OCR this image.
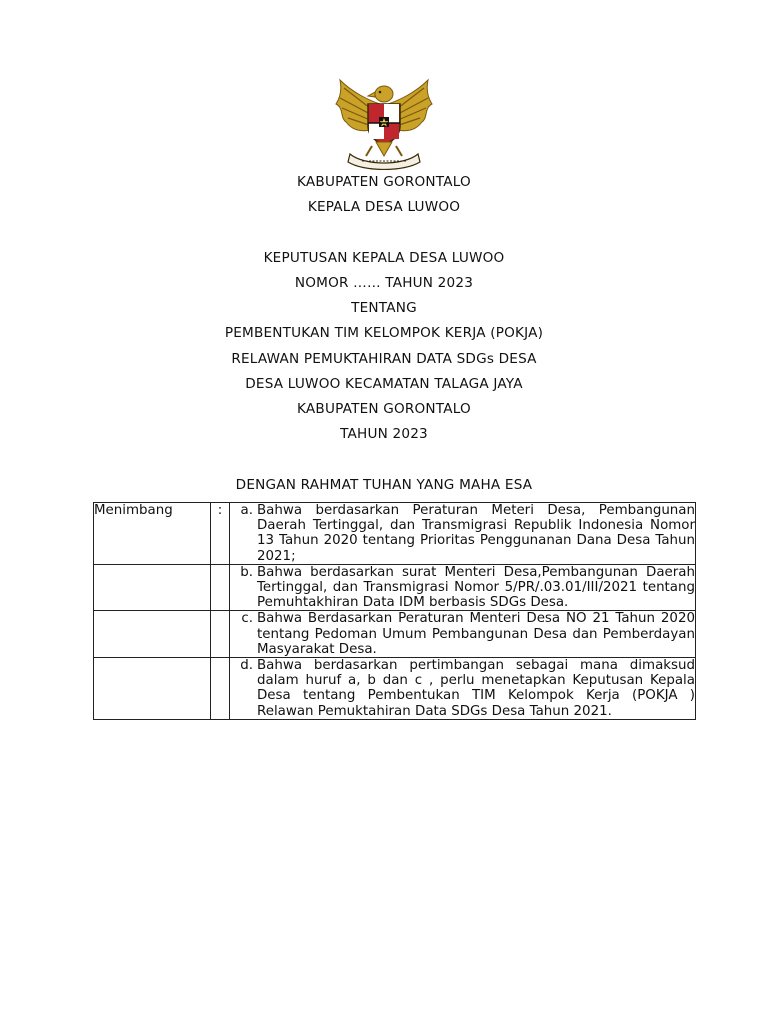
KABUPATEN GORONTALO
KEPALA DESA LUWOO
KEPUTUSAN KEPALA DESA LUWOO
NOMOR …… TAHUN 2023
TENTANG
PEMBENTUKAN TIM KELOMPOK KERJA (POKJA)
RELAWAN PEMUKTAHIRAN DATA SDGs DESA
DESA LUWOO KECAMATAN TALAGA JAYA
KABUPATEN GORONTALO
TAHUN 2023
DENGAN RAHMAT TUHAN YANG MAHA ESA
Menimbang	:	a. Bahwa berdasarkan Peraturan Meteri Desa, Pembangunan Daerah Tertinggal, dan Transmigrasi Republik Indonesia Nomor 13 Tahun 2020 tentang Prioritas Penggunanan Dana Desa Tahun 2021;

		b. Bahwa berdasarkan surat Menteri Desa,Pembangunan Daerah Tertinggal, dan Transmigrasi Nomor 5/PR/.03.01/III/2021 tentang Pemuhtakhiran Data IDM berbasis SDGs Desa.

		c. Bahwa Berdasarkan Peraturan Menteri Desa NO 21 Tahun 2020 tentang Pedoman Umum Pembangunan Desa dan Pemberdayan Masyarakat Desa.

		d. Bahwa berdasarkan pertimbangan sebagai mana dimaksud dalam huruf a, b dan c , perlu menetapkan Keputusan Kepala Desa tentang Pembentukan TIM Kelompok Kerja (POKJA ) Relawan Pemuktahiran Data SDGs Desa Tahun 2021.
